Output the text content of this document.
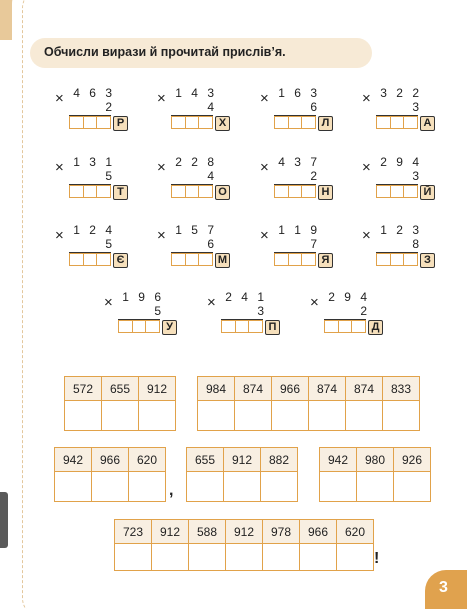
Обчисли вирази й прочитай прислів’я.
× 4 6 3
2
Р
× 1 4 3
4
Х
× 1 6 3
6
Л
× 3 2 2
3
А
× 1 3 1
5
Т
× 2 2 8
4
О
× 4 3 7
2
Н
× 2 9 4
3
Й
× 1 2 4
5
Є
× 1 5 7
6
М
× 1 1 9
7
Я
× 1 2 3
8
З
× 1 9 6
5
У
× 2 4 1
3
П
× 2 9 4
2
Д
572	655	912
			984	874	966	874	874	833

942	966	620

,
655	912	882
			942	980	926

723	912	588	912	978	966	620

!
3
